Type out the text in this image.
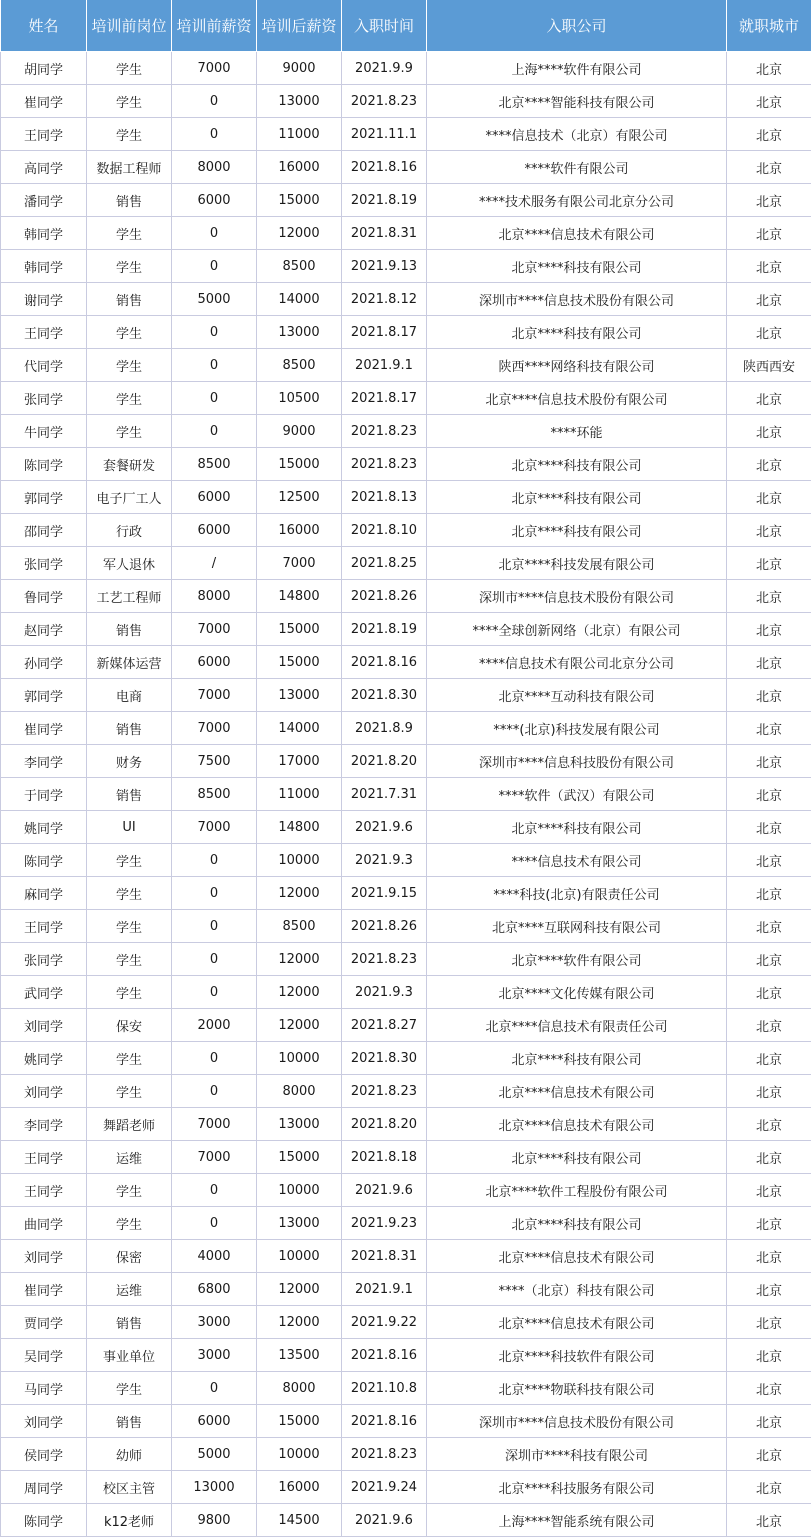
姓名	培训前岗位	培训前薪资	培训后薪资	入职时间	入职公司	就职城市
胡同学	学生	7000	9000	2021.9.9	上海****软件有限公司	北京
崔同学	学生	0	13000	2021.8.23	北京****智能科技有限公司	北京
王同学	学生	0	11000	2021.11.1	****信息技术（北京）有限公司	北京
高同学	数据工程师	8000	16000	2021.8.16	****软件有限公司	北京
潘同学	销售	6000	15000	2021.8.19	****技术服务有限公司北京分公司	北京
韩同学	学生	0	12000	2021.8.31	北京****信息技术有限公司	北京
韩同学	学生	0	8500	2021.9.13	北京****科技有限公司	北京
谢同学	销售	5000	14000	2021.8.12	深圳市****信息技术股份有限公司	北京
王同学	学生	0	13000	2021.8.17	北京****科技有限公司	北京
代同学	学生	0	8500	2021.9.1	陕西****网络科技有限公司	陕西西安
张同学	学生	0	10500	2021.8.17	北京****信息技术股份有限公司	北京
牛同学	学生	0	9000	2021.8.23	****环能	北京
陈同学	套餐研发	8500	15000	2021.8.23	北京****科技有限公司	北京
郭同学	电子厂工人	6000	12500	2021.8.13	北京****科技有限公司	北京
邵同学	行政	6000	16000	2021.8.10	北京****科技有限公司	北京
张同学	军人退休	/	7000	2021.8.25	北京****科技发展有限公司	北京
鲁同学	工艺工程师	8000	14800	2021.8.26	深圳市****信息技术股份有限公司	北京
赵同学	销售	7000	15000	2021.8.19	****全球创新网络（北京）有限公司	北京
孙同学	新媒体运营	6000	15000	2021.8.16	****信息技术有限公司北京分公司	北京
郭同学	电商	7000	13000	2021.8.30	北京****互动科技有限公司	北京
崔同学	销售	7000	14000	2021.8.9	****(北京)科技发展有限公司	北京
李同学	财务	7500	17000	2021.8.20	深圳市****信息科技股份有限公司	北京
于同学	销售	8500	11000	2021.7.31	****软件（武汉）有限公司	北京
姚同学	UI	7000	14800	2021.9.6	北京****科技有限公司	北京
陈同学	学生	0	10000	2021.9.3	****信息技术有限公司	北京
麻同学	学生	0	12000	2021.9.15	****科技(北京)有限责任公司	北京
王同学	学生	0	8500	2021.8.26	北京****互联网科技有限公司	北京
张同学	学生	0	12000	2021.8.23	北京****软件有限公司	北京
武同学	学生	0	12000	2021.9.3	北京****文化传媒有限公司	北京
刘同学	保安	2000	12000	2021.8.27	北京****信息技术有限责任公司	北京
姚同学	学生	0	10000	2021.8.30	北京****科技有限公司	北京
刘同学	学生	0	8000	2021.8.23	北京****信息技术有限公司	北京
李同学	舞蹈老师	7000	13000	2021.8.20	北京****信息技术有限公司	北京
王同学	运维	7000	15000	2021.8.18	北京****科技有限公司	北京
王同学	学生	0	10000	2021.9.6	北京****软件工程股份有限公司	北京
曲同学	学生	0	13000	2021.9.23	北京****科技有限公司	北京
刘同学	保密	4000	10000	2021.8.31	北京****信息技术有限公司	北京
崔同学	运维	6800	12000	2021.9.1	****（北京）科技有限公司	北京
贾同学	销售	3000	12000	2021.9.22	北京****信息技术有限公司	北京
吴同学	事业单位	3000	13500	2021.8.16	北京****科技软件有限公司	北京
马同学	学生	0	8000	2021.10.8	北京****物联科技有限公司	北京
刘同学	销售	6000	15000	2021.8.16	深圳市****信息技术股份有限公司	北京
侯同学	幼师	5000	10000	2021.8.23	深圳市****科技有限公司	北京
周同学	校区主管	13000	16000	2021.9.24	北京****科技服务有限公司	北京
陈同学	k12老师	9800	14500	2021.9.6	上海****智能系统有限公司	北京
